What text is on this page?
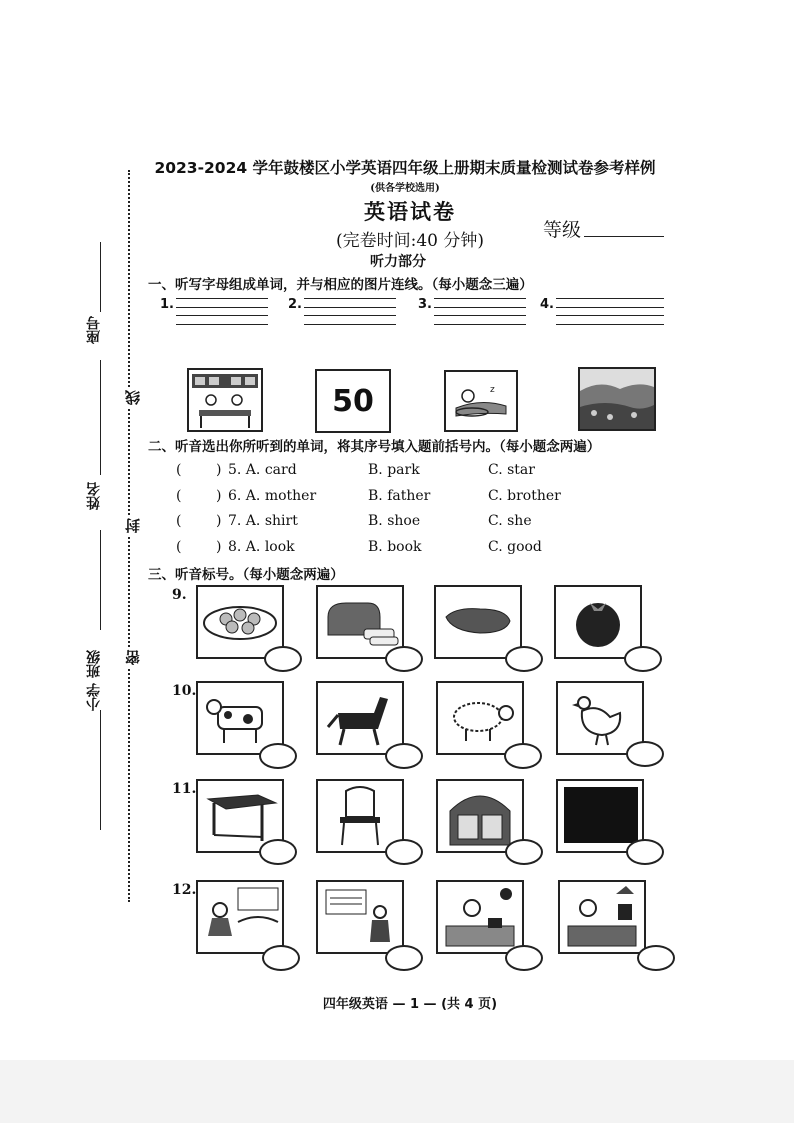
座号
姓名
小学 班级
线
封
密
2023-2024 学年鼓楼区小学英语四年级上册期末质量检测试卷参考样例
(供各学校选用)
英语试卷
(完卷时间:40 分钟)	等级
听力部分
一、听写字母组成单词，并与相应的图片连线。（每小题念三遍）
1.	2.	3.	4.
50	z
二、听音选出你所听到的单词，将其序号填入题前括号内。（每小题念两遍）
( ) 5. A. card	B. park	C. star
( ) 6. A. mother	B. father	C. brother
( ) 7. A. shirt	B. shoe	C. she
( ) 8. A. look	B. book	C. good
三、听音标号。（每小题念两遍）
9.
10.
11.
12.
四年级英语 — 1 — (共 4 页)
